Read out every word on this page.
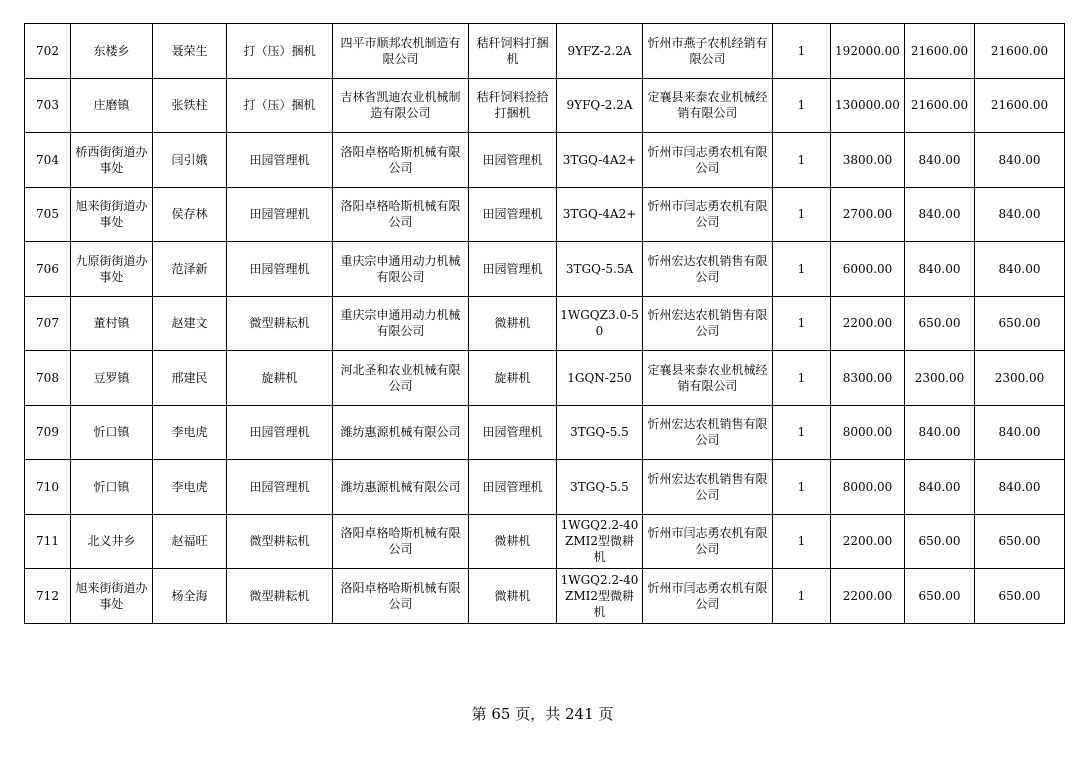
702	东楼乡	聂荣生	打（压）捆机	四平市顺邦农机制造有限公司	秸秆饲料打捆机	9YFZ-2.2A	忻州市燕子农机经销有限公司	1	192000.00	21600.00	21600.00
703	庄磨镇	张铁柱	打（压）捆机	吉林省凯迪农业机械制造有限公司	秸秆饲料捡拾打捆机	9YFQ-2.2A	定襄县来泰农业机械经销有限公司	1	130000.00	21600.00	21600.00
704	桥西街街道办事处	闫引娥	田园管理机	洛阳卓格哈斯机械有限公司	田园管理机	3TGQ-4A2+	忻州市闫志勇农机有限公司	1	3800.00	840.00	840.00
705	旭来街街道办事处	侯存林	田园管理机	洛阳卓格哈斯机械有限公司	田园管理机	3TGQ-4A2+	忻州市闫志勇农机有限公司	1	2700.00	840.00	840.00
706	九原街街道办事处	范泽新	田园管理机	重庆宗申通用动力机械有限公司	田园管理机	3TGQ-5.5A	忻州宏达农机销售有限公司	1	6000.00	840.00	840.00
707	董村镇	赵建文	微型耕耘机	重庆宗申通用动力机械有限公司	微耕机	1WGQZ3.0-50	忻州宏达农机销售有限公司	1	2200.00	650.00	650.00
708	豆罗镇	邢建民	旋耕机	河北圣和农业机械有限公司	旋耕机	1GQN-250	定襄县来泰农业机械经销有限公司	1	8300.00	2300.00	2300.00
709	忻口镇	李电虎	田园管理机	潍坊惠源机械有限公司	田园管理机	3TGQ-5.5	忻州宏达农机销售有限公司	1	8000.00	840.00	840.00
710	忻口镇	李电虎	田园管理机	潍坊惠源机械有限公司	田园管理机	3TGQ-5.5	忻州宏达农机销售有限公司	1	8000.00	840.00	840.00
711	北义井乡	赵福旺	微型耕耘机	洛阳卓格哈斯机械有限公司	微耕机	1WGQ2.2-40ZMI2型微耕机	忻州市闫志勇农机有限公司	1	2200.00	650.00	650.00
712	旭来街街道办事处	杨全海	微型耕耘机	洛阳卓格哈斯机械有限公司	微耕机	1WGQ2.2-40ZMI2型微耕机	忻州市闫志勇农机有限公司	1	2200.00	650.00	650.00
第 65 页，共 241 页
